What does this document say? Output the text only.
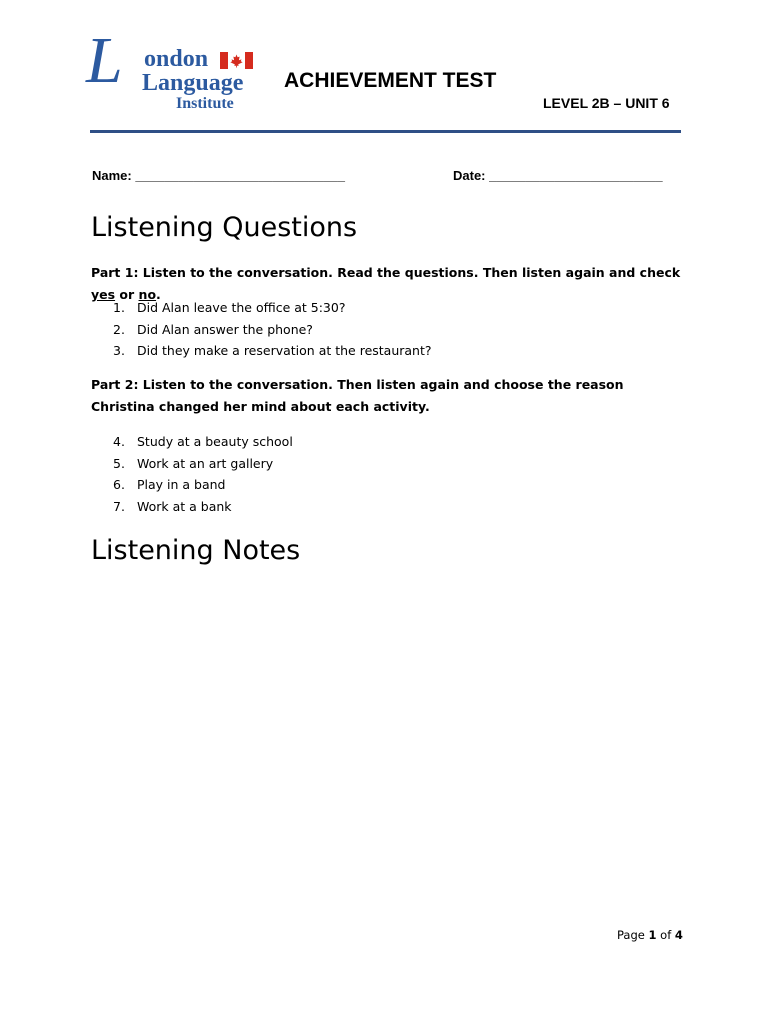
L ondon
Language
Institute
ACHIEVEMENT TEST
LEVEL 2B – UNIT 6
Name: _____________________________	Date: ________________________
Listening Questions
Part 1: Listen to the conversation. Read the questions. Then listen again and check yes or no.
1. Did Alan leave the office at 5:30?
2. Did Alan answer the phone?
3. Did they make a reservation at the restaurant?
Part 2: Listen to the conversation. Then listen again and choose the reason Christina changed her mind about each activity.
4. Study at a beauty school
5. Work at an art gallery
6. Play in a band
7. Work at a bank
Listening Notes
Page 1 of 4
